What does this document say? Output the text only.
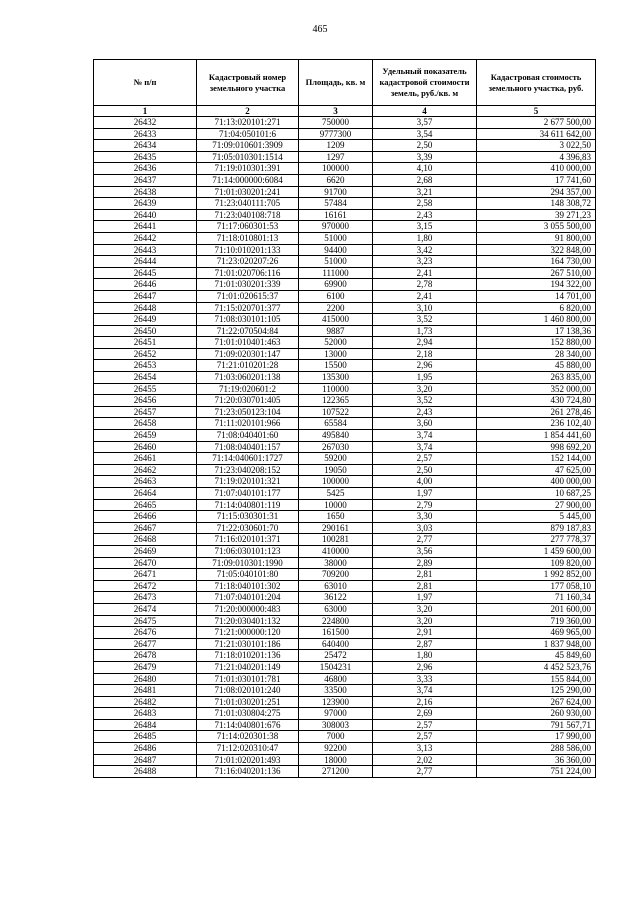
465
№ п/п	Кадастровый номер земельного участка	Площадь, кв. м	Удельный показатель кадастровой стоимости земель, руб./кв. м	Кадастровая стоимость земельного участка, руб.
1	2	3	4	5
26432	71:13:020101:271	750000	3,57	2 677 500,00
26433	71:04:050101:6	9777300	3,54	34 611 642,00
26434	71:09:010601:3909	1209	2,50	3 022,50
26435	71:05:010301:1514	1297	3,39	4 396,83
26436	71:19:010301:391	100000	4,10	410 000,00
26437	71:14:000000:6084	6620	2,68	17 741,60
26438	71:01:030201:241	91700	3,21	294 357,00
26439	71:23:040111:705	57484	2,58	148 308,72
26440	71:23:040108:718	16161	2,43	39 271,23
26441	71:17:060301:53	970000	3,15	3 055 500,00
26442	71:18:010801:13	51000	1,80	91 800,00
26443	71:10:010201:133	94400	3,42	322 848,00
26444	71:23:020207:26	51000	3,23	164 730,00
26445	71:01:020706:116	111000	2,41	267 510,00
26446	71:01:030201:339	69900	2,78	194 322,00
26447	71:01:020615:37	6100	2,41	14 701,00
26448	71:15:020701:377	2200	3,10	6 820,00
26449	71:08:030101:105	415000	3,52	1 460 800,00
26450	71:22:070504:84	9887	1,73	17 138,36
26451	71:01:010401:463	52000	2,94	152 880,00
26452	71:09:020301:147	13000	2,18	28 340,00
26453	71:21:010201:28	15500	2,96	45 880,00
26454	71:03:060201:138	135300	1,95	263 835,00
26455	71:19:020601:2	110000	3,20	352 000,00
26456	71:20:030701:405	122365	3,52	430 724,80
26457	71:23:050123:104	107522	2,43	261 278,46
26458	71:11:020101:966	65584	3,60	236 102,40
26459	71:08:040401:60	495840	3,74	1 854 441,60
26460	71:08:040401:157	267030	3,74	998 692,20
26461	71:14:040601:1727	59200	2,57	152 144,00
26462	71:23:040208:152	19050	2,50	47 625,00
26463	71:19:020101:321	100000	4,00	400 000,00
26464	71:07:040101:177	5425	1,97	10 687,25
26465	71:14:040801:119	10000	2,79	27 900,00
26466	71:15:030301:31	1650	3,30	5 445,00
26467	71:22:030601:70	290161	3,03	879 187,83
26468	71:16:020101:371	100281	2,77	277 778,37
26469	71:06:030101:123	410000	3,56	1 459 600,00
26470	71:09:010301:1990	38000	2,89	109 820,00
26471	71:05:040101:80	709200	2,81	1 992 852,00
26472	71:18:040101:302	63010	2,81	177 058,10
26473	71:07:040101:204	36122	1,97	71 160,34
26474	71:20:000000:483	63000	3,20	201 600,00
26475	71:20:030401:132	224800	3,20	719 360,00
26476	71:21:000000:120	161500	2,91	469 965,00
26477	71:21:030101:186	640400	2,87	1 837 948,00
26478	71:18:010201:136	25472	1,80	45 849,60
26479	71:21:040201:149	1504231	2,96	4 452 523,76
26480	71:01:030101:781	46800	3,33	155 844,00
26481	71:08:020101:240	33500	3,74	125 290,00
26482	71:01:030201:251	123900	2,16	267 624,00
26483	71:01:030804:275	97000	2,69	260 930,00
26484	71:14:040801:676	308003	2,57	791 567,71
26485	71:14:020301:38	7000	2,57	17 990,00
26486	71:12:020310:47	92200	3,13	288 586,00
26487	71:01:020201:493	18000	2,02	36 360,00
26488	71:16:040201:136	271200	2,77	751 224,00
